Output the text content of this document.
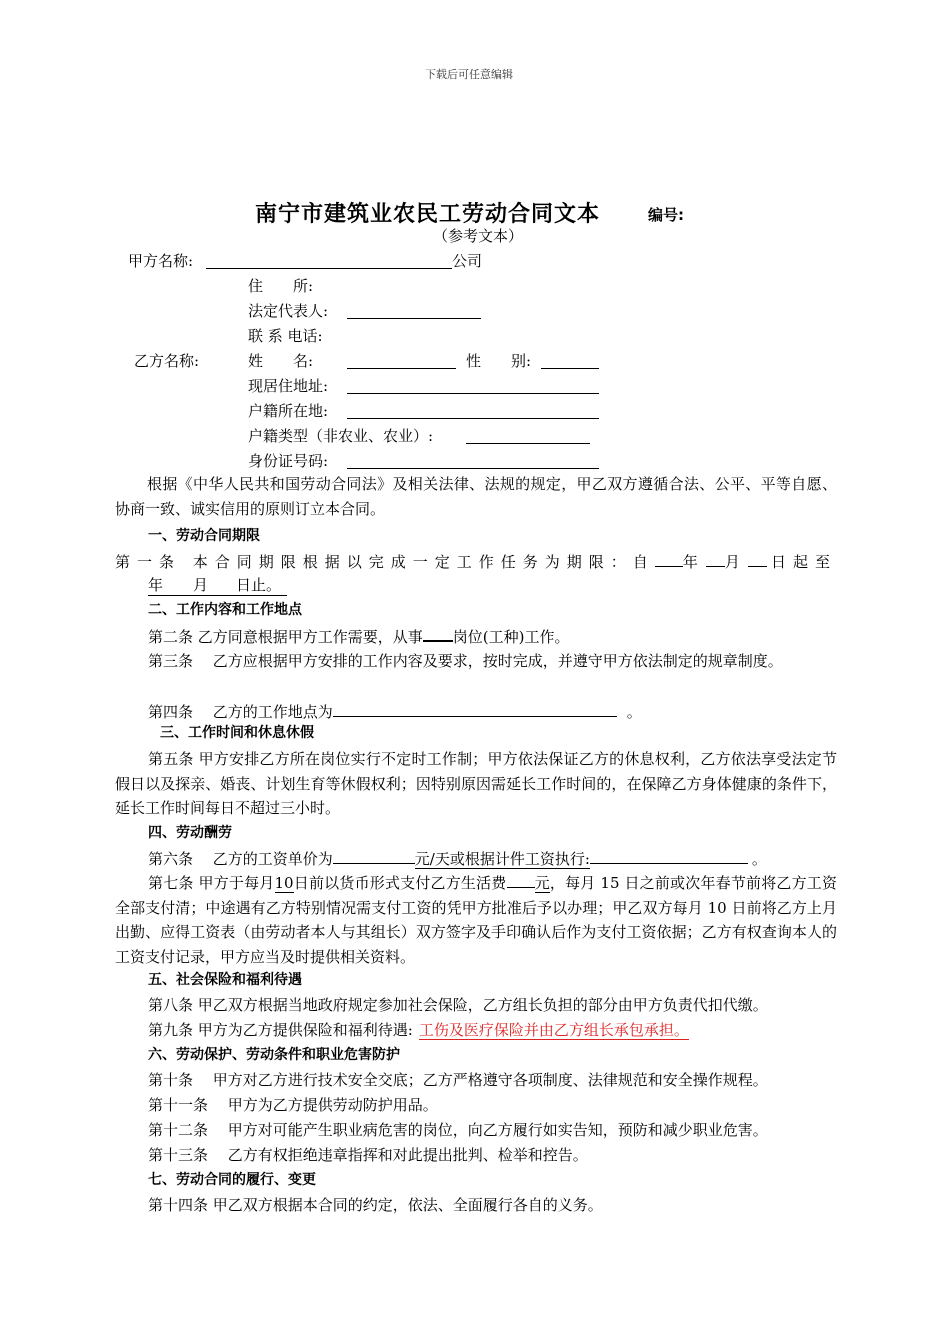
下载后可任意编辑
南宁市建筑业农民工劳动合同文本	编号:
（参考文本）
甲方名称:	公司
住　　所:
法定代表人:
联 系 电话:
乙方名称:	姓　　名:	性　　别:
现居住地址:
户籍所在地:
户籍类型（非农业、农业）:
身份证号码:
根据《中华人民共和国劳动合同法》及相关法律、法规的规定，甲乙双方遵循合法、公平、平等自愿、 协商一致、诚实信用的原则订立本合同。
一、劳动合同期限
第一条 本合同期限根据以完成一定工作任务为期限：自 年 月 日起至
年 月 日止。
二、工作内容和工作地点
第二条 乙方同意根据甲方工作需要，从事 岗位(工种)工作。
第三条　 乙方应根据甲方安排的工作内容及要求，按时完成，并遵守甲方依法制定的规章制度。
第四条　 乙方的工作地点为	。
三、工作时间和休息休假
第五条 甲方安排乙方所在岗位实行不定时工作制；甲方依法保证乙方的休息权利，乙方依法享受法定节假日以及探亲、婚丧、计划生育等休假权利；因特别原因需延长工作时间的，在保障乙方身体健康的条件下，延长工作时间每日不超过三小时。
四、劳动酬劳
第六条　 乙方的工资单价为	元/天或根据计件工资执行:	。
第七条 甲方于每月10日前以货币形式支付乙方生活费 元，每月 15 日之前或次年春节前将乙方工资全部支付清；中途遇有乙方特别情况需支付工资的凭甲方批准后予以办理；甲乙双方每月 10 日前将乙方上月出勤、应得工资表（由劳动者本人与其组长）双方签字及手印确认后作为支付工资依据；乙方有权查询本人的工资支付记录，甲方应当及时提供相关资料。
五、社会保险和福利待遇
第八条 甲乙双方根据当地政府规定参加社会保险，乙方组长负担的部分由甲方负责代扣代缴。
第九条 甲方为乙方提供保险和福利待遇: 工伤及医疗保险并由乙方组长承包承担。
六、劳动保护、劳动条件和职业危害防护
第十条　 甲方对乙方进行技术安全交底；乙方严格遵守各项制度、法律规范和安全操作规程。
第十一条　 甲方为乙方提供劳动防护用品。
第十二条　 甲方对可能产生职业病危害的岗位，向乙方履行如实告知，预防和减少职业危害。
第十三条　 乙方有权拒绝违章指挥和对此提出批判、检举和控告。
七、劳动合同的履行、变更
第十四条 甲乙双方根据本合同的约定，依法、全面履行各自的义务。
